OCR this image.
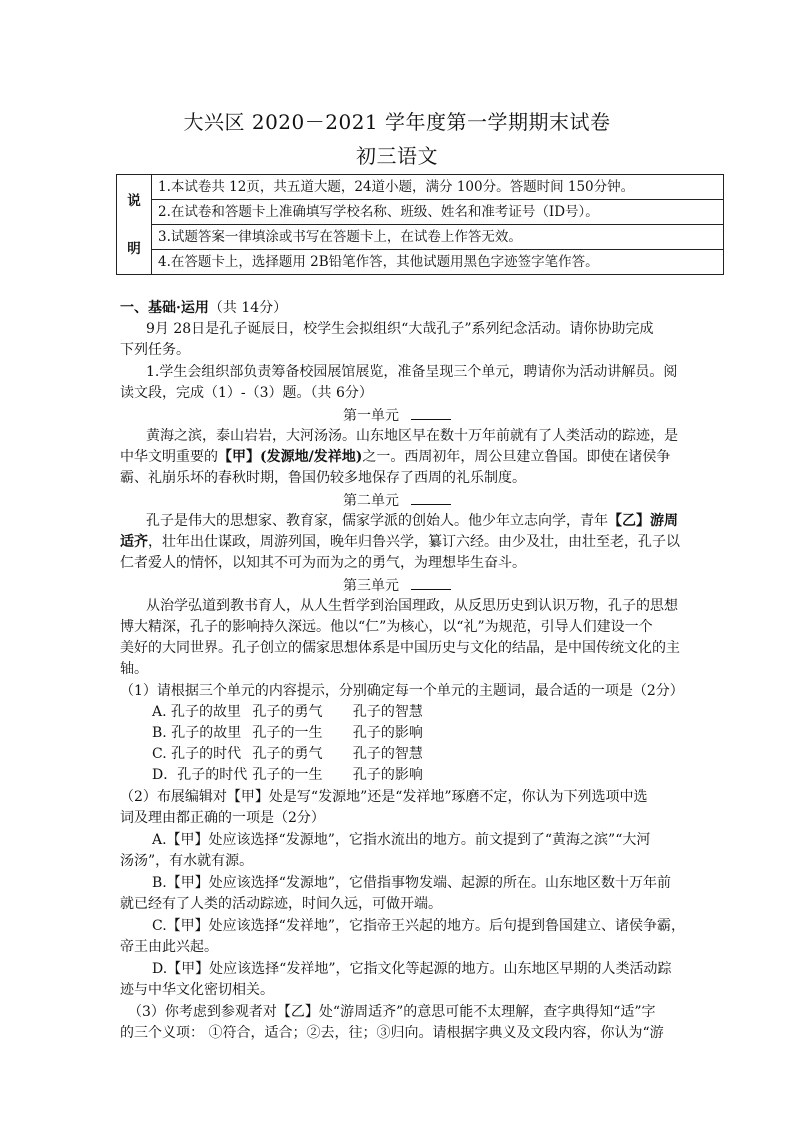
大兴区 2020－2021 学年度第一学期期末试卷
初三语文
说

明	1.本试卷共 12页，共五道大题，24道小题，满分 100分。答题时间 150分钟。
2.在试卷和答题卡上准确填写学校名称、班级、姓名和准考证号（ID号）。
3.试题答案一律填涂或书写在答题卡上，在试卷上作答无效。
4.在答题卡上，选择题用 2B铅笔作答，其他试题用黑色字迹签字笔作答。
一、基础·运用（共 14分）
9月 28日是孔子诞辰日，校学生会拟组织“大哉孔子”系列纪念活动。请你协助完成
下列任务。
1.学生会组织部负责筹备校园展馆展览，准备呈现三个单元，聘请你为活动讲解员。阅
读文段，完成（1）-（3）题。（共 6分）
第一单元
黄海之滨，泰山岩岩，大河汤汤。山东地区早在数十万年前就有了人类活动的踪迹，是
中华文明重要的【甲】(发源地/发祥地)之一。西周初年，周公旦建立鲁国。即使在诸侯争
霸、礼崩乐坏的春秋时期，鲁国仍较多地保存了西周的礼乐制度。
第二单元
孔子是伟大的思想家、教育家，儒家学派的创始人。他少年立志向学，青年【乙】游周
适齐，壮年出仕谋政，周游列国，晚年归鲁兴学，纂订六经。由少及壮，由壮至老，孔子以
仁者爱人的情怀，以知其不可为而为之的勇气，为理想毕生奋斗。
第三单元
从治学弘道到教书育人，从人生哲学到治国理政，从反思历史到认识万物，孔子的思想
博大精深，孔子的影响持久深远。他以“仁”为核心，以“礼”为规范，引导人们建设一个
美好的大同世界。孔子创立的儒家思想体系是中国历史与文化的结晶，是中国传统文化的主
轴。
（1）请根据三个单元的内容提示，分别确定每一个单元的主题词，最合适的一项是（2分）
A. 孔子的故里 孔子的勇气 孔子的智慧
B. 孔子的故里 孔子的一生 孔子的影响
C. 孔子的时代 孔子的勇气 孔子的智慧
D．孔子的时代 孔子的一生 孔子的影响
（2）布展编辑对【甲】处是写“发源地”还是“发祥地”琢磨不定，你认为下列选项中选
词及理由都正确的一项是（2分）
A.【甲】处应该选择“发源地”，它指水流出的地方。前文提到了“黄海之滨”“大河
汤汤”，有水就有源。
B.【甲】处应该选择“发源地”，它借指事物发端、起源的所在。山东地区数十万年前
就已经有了人类的活动踪迹，时间久远，可做开端。
C.【甲】处应该选择“发祥地”，它指帝王兴起的地方。后句提到鲁国建立、诸侯争霸，
帝王由此兴起。
D.【甲】处应该选择“发祥地”，它指文化等起源的地方。山东地区早期的人类活动踪
迹与中华文化密切相关。
（3）你考虑到参观者对【乙】处“游周适齐”的意思可能不太理解，查字典得知“适”字
的三个义项： ①符合，适合；②去，往；③归向。请根据字典义及文段内容，你认为“游
